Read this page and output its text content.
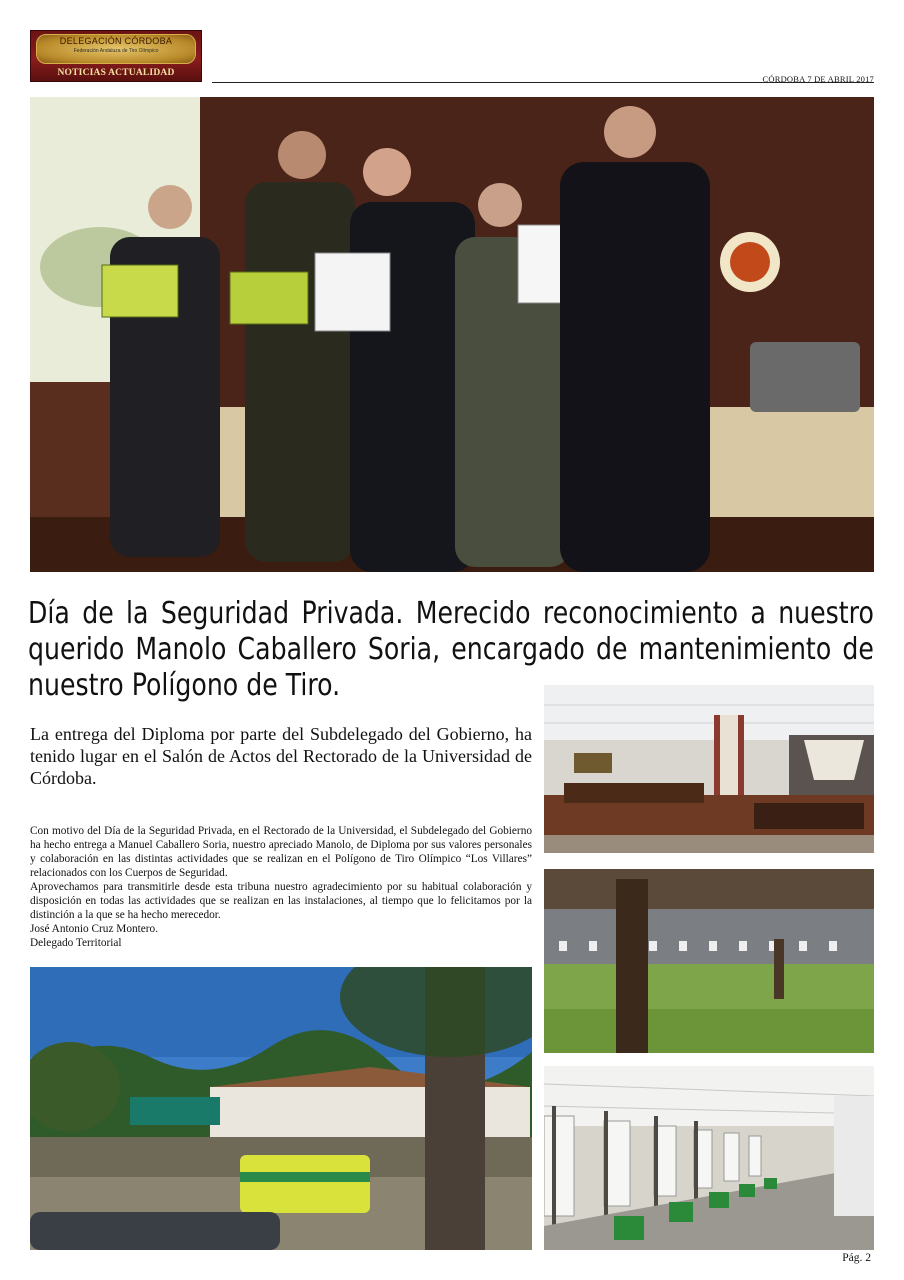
DELEGACIÓN CÓRDOBA
Federación Andaluza de Tiro Olímpico
NOTICIAS ACTUALIDAD
CÓRDOBA 7 DE ABRIL 2017
Día de la Seguridad Privada. Merecido reconocimiento a nuestro querido Manolo Caballero Soria, encargado de mantenimiento de nuestro Polígono de Tiro.
La entrega del Diploma por parte del Subdelegado del Gobierno, ha tenido lugar en el Salón de Actos del Rectorado de la Universidad de Córdoba.

Con motivo del Día de la Seguridad Privada, en el Rectorado de la Universidad, el Subdelegado del Gobierno ha hecho entrega a Manuel Caballero Soria, nuestro apreciado Manolo, de Diploma por sus valores personales y colaboración en las distintas actividades que se realizan en el Polígono de Tiro Olímpico “Los Villares” relacionados con los Cuerpos de Seguridad.

Aprovechamos para transmitirle desde esta tribuna nuestro agradecimiento por su habitual colaboración y disposición en todas las actividades que se realizan en las instalaciones, al tiempo que lo felicitamos por la distinción a la que se ha hecho merecedor.

José Antonio Cruz Montero.

Delegado Territorial

Pág. 2
